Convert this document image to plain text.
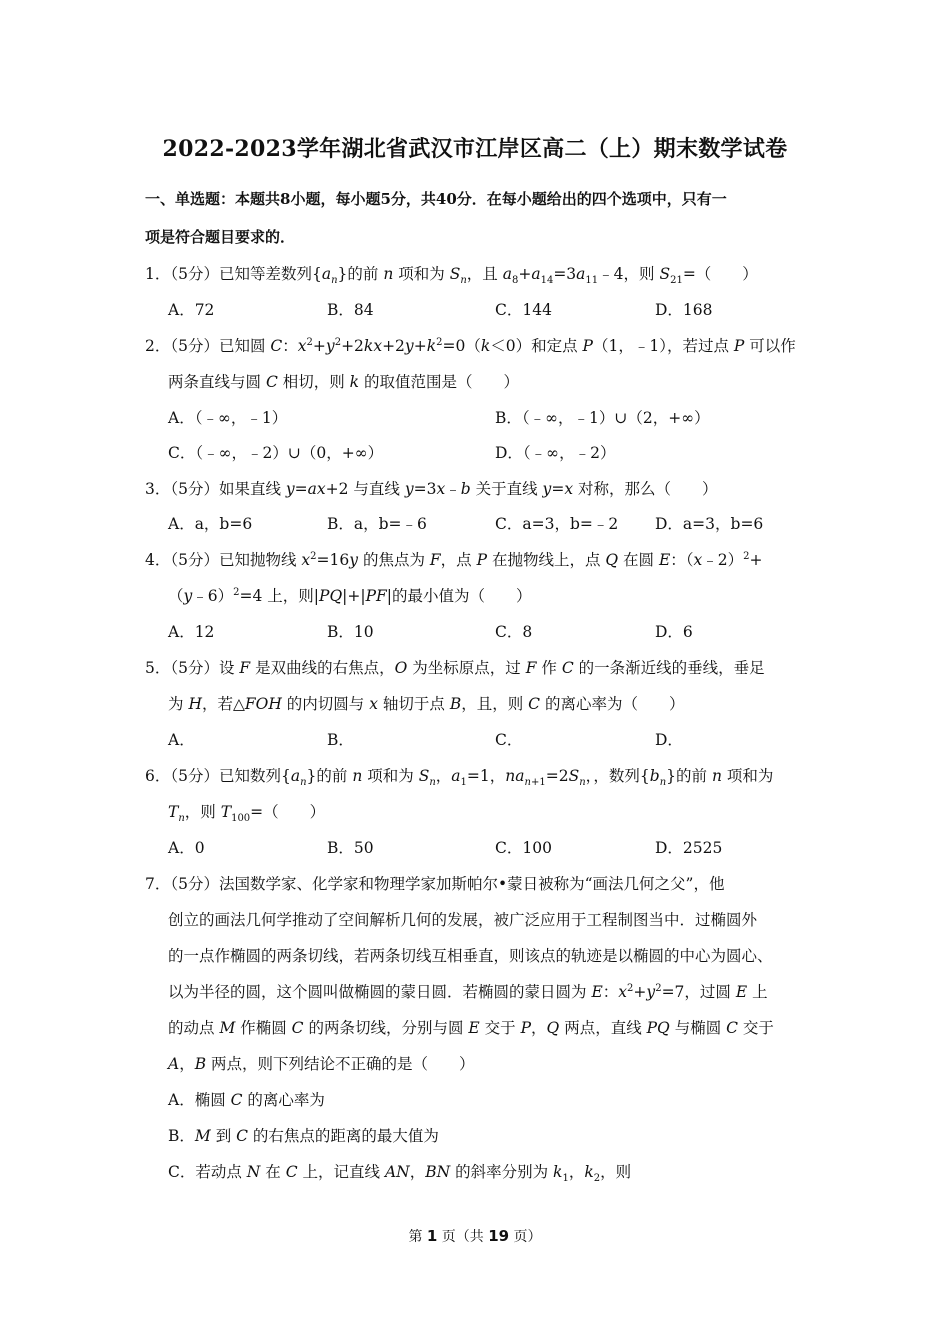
2022-2023学年湖北省武汉市江岸区高二（上）期末数学试卷
一、单选题：本题共8小题，每小题5分，共40分．在每小题给出的四个选项中，只有一
项是符合题目要求的．
1．（5分）已知等差数列$\{a_n\}$的前 n 项和为 $S_n$，且 $a_8+a_{14}=3a_{11}﹣4$，则 $S_{21}=$（　　）
A．72	B．84	C．144	D．168
2．（5分）已知圆 C：$x^2+y^2+2kx+2y+k^2=0(k<0)$和定点 P（1，﹣1），若过点 P 可以作
两条直线与圆 C 相切，则 k 的取值范围是（　　）
A．（﹣∞，﹣1）	B．（﹣∞，﹣1）∪（2，+∞）
C．（﹣∞，﹣2）∪（0，+∞）	D．（﹣∞，﹣2）
3．（5分）如果直线 y=ax+2 与直线 y=3x﹣b 关于直线 y=x 对称，那么（　　）
A．a，b=6	B．a，b=﹣6	C．a=3，b=﹣2 D．a=3，b=6
4．（5分）已知抛物线 $x^2=16y$ 的焦点为 F，点 P 在抛物线上，点 Q 在圆 E：（x﹣2）$^2$+
（y﹣6）$^2$=4 上，则|PQ|+|PF|的最小值为（　　）
A．12	B．10	C．8	D．6
5．（5分）设 F 是双曲线的右焦点，O 为坐标原点，过 F 作 C 的一条渐近线的垂线，垂足
为 H，若△FOH 的内切圆与 x 轴切于点 B，且，则 C 的离心率为（　　）
A．	B．	C．	D．
6．（5分）已知数列$\{a_n\}$的前 n 项和为 $S_n$，$a_1=1$，$na_{n+1}=2S_n$，，数列$\{b_n\}$的前 n 项和为
$T_n$，则 $T_{100}=$（　　）
A．0	B．50	C．100	D．2525
7．（5分）法国数学家、化学家和物理学家加斯帕尔•蒙日被称为“画法几何之父”，他
创立的画法几何学推动了空间解析几何的发展，被广泛应用于工程制图当中．过椭圆外
的一点作椭圆的两条切线，若两条切线互相垂直，则该点的轨迹是以椭圆的中心为圆心、
以为半径的圆，这个圆叫做椭圆的蒙日圆．若椭圆的蒙日圆为 E：$x^2+y^2=7$，过圆 E 上
的动点 M 作椭圆 C 的两条切线，分别与圆 E 交于 P，Q 两点，直线 PQ 与椭圆 C 交于
A，B 两点，则下列结论不正确的是（　　）
A．椭圆 C 的离心率为
B．M 到 C 的右焦点的距离的最大值为
C．若动点 N 在 C 上，记直线 AN，BN 的斜率分别为 $k_1$，$k_2$，则
第 1 页（共 19 页）
